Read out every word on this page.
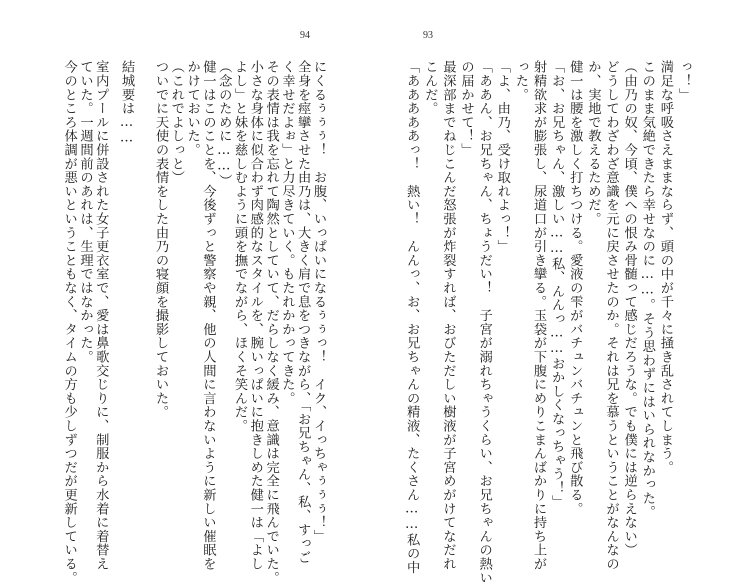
94	93
っ！」
満足な呼吸さえままならず、頭の中が千々に掻き乱されてしまう。
このまま気絶できたら幸せなのに……。そう思わずにはいられなかった。
（由乃の奴、今頃、僕への恨み骨髄って感じだろうな。でも僕には逆らえない）
どうしてわざわざ意識を元に戻させたのか。それは兄を慕うということがなんなの
か、実地で教えるためだ。
健一は腰を激しく打ちつける。愛液の雫がバチュンバチュンと飛び散る。
「お、お兄ちゃん、激しい……私、んんっ……おかしくなっちゃう！」
射精欲求が膨張し、尿道口が引き攣る。玉袋が下腹にめりこまんばかりに持ち上が
った。
「よ、由乃、受け取れよっ！」
「ああん、お兄ちゃん、ちょうだい！　子宮が溺れちゃうくらい、お兄ちゃんの熱い
の届かせて！」
最深部までねじこんだ怒張が炸裂すれば、おびただしい樹液が子宮めがけてなだれ
こんだ。
「あああああっ！　熱い！　んんっ、お、お兄ちゃんの精液、たくさん……私の中
にくるぅぅぅ！　お腹、いっぱいになるぅぅっ！　イク、イっちゃぅぅぅ！」
全身を痙攣させた由乃は、大きく肩で息をつきながら、「お兄ちゃん、私、すっご
く幸せだよぉ」と力尽きていく。もたれかかってきた。
その表情は我を忘れて陶然としていて、だらしなく緩み、意識は完全に飛んでいた。
小さな身体に似合わず肉感的なスタイルを、腕いっぱいに抱きしめた健一は「よし
よし」と妹を慈しむように頭を撫でながら、ほくそ笑んだ。
（念のために……）
健一はこのことを、今後ずっと警察や親、他の人間に言わないように新しい催眠を
かけておいた。
（これでよしっと）
ついでに天使の表情をした由乃の寝顔を撮影しておいた。
結城要は……
室内プールに併設された女子更衣室で、愛は鼻歌交じりに、制服から水着に着替え
ていた。一週間前のあれは、生理ではなかった。
今のところ体調が悪いということもなく、タイムの方も少しずつだが更新している。
